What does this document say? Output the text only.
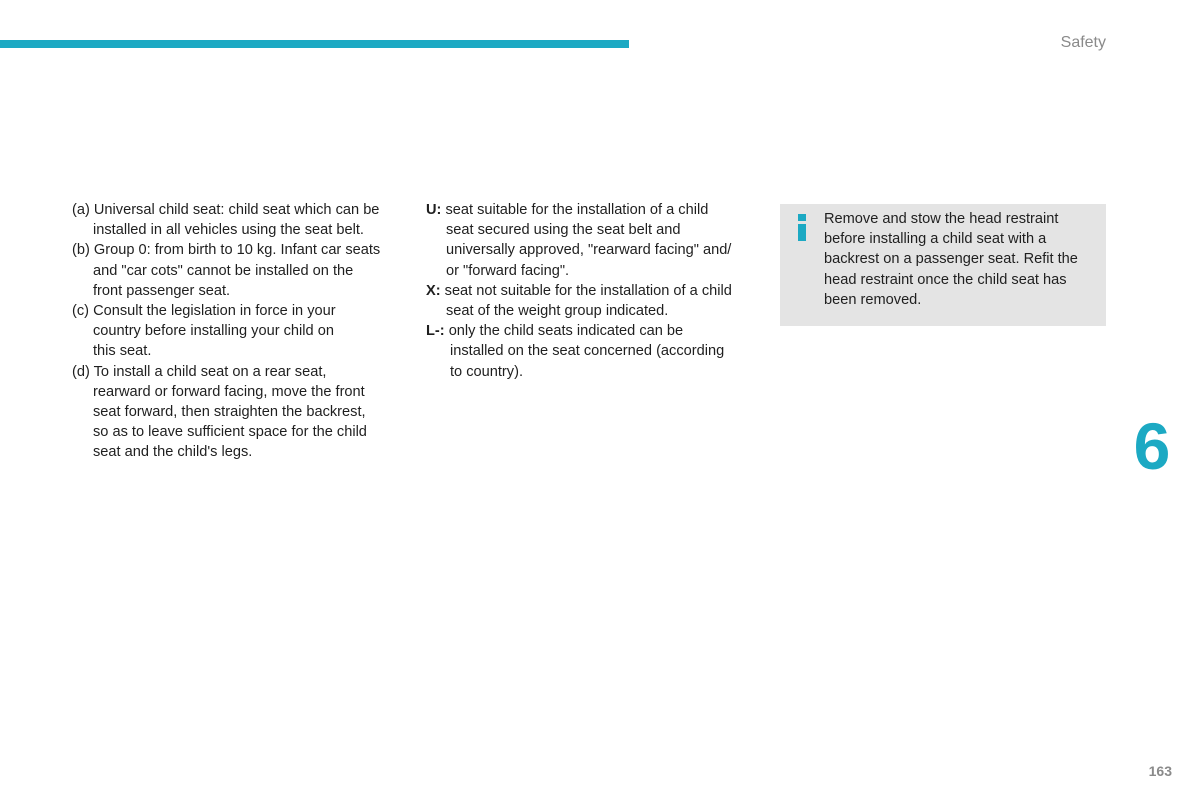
Safety
(a) Universal child seat: child seat which can be
installed in all vehicles using the seat belt.
(b) Group 0: from birth to 10 kg. Infant car seats
and "car cots" cannot be installed on the
front passenger seat.
(c) Consult the legislation in force in your
country before installing your child on
this seat.
(d) To install a child seat on a rear seat,
rearward or forward facing, move the front
seat forward, then straighten the backrest,
so as to leave sufficient space for the child
seat and the child's legs.
U: seat suitable for the installation of a child
seat secured using the seat belt and
universally approved, "rearward facing" and/
or "forward facing".
X: seat not suitable for the installation of a child
seat of the weight group indicated.
L-: only the child seats indicated can be
installed on the seat concerned (according
to country).
Remove and stow the head restraint
before installing a child seat with a
backrest on a passenger seat. Refit the
head restraint once the child seat has
been removed.
6
163
